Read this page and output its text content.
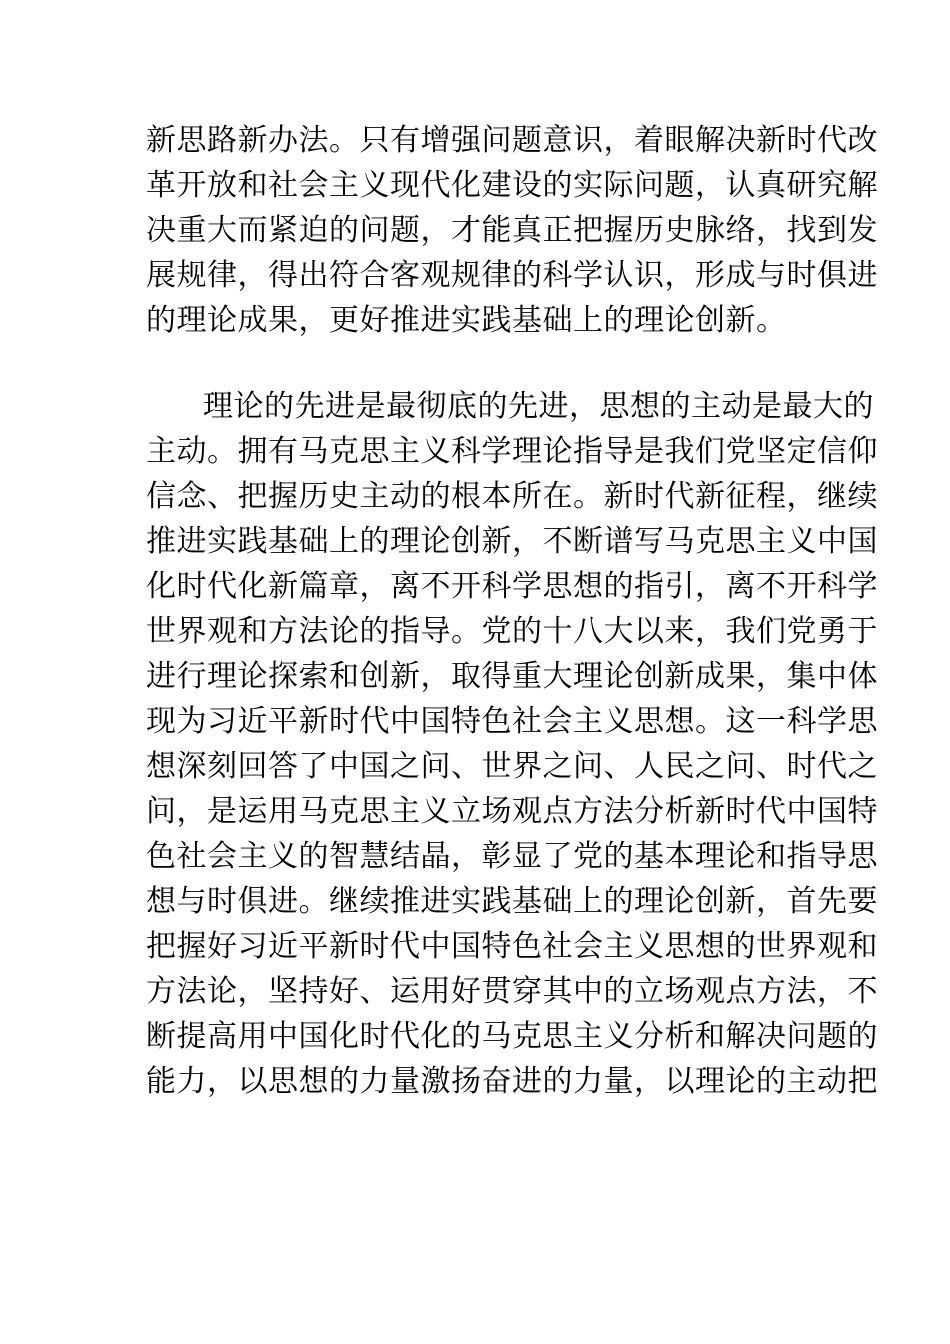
新思路新办法。只有增强问题意识，着眼解决新时代改
革开放和社会主义现代化建设的实际问题，认真研究解
决重大而紧迫的问题，才能真正把握历史脉络，找到发
展规律，得出符合客观规律的科学认识，形成与时俱进
的理论成果，更好推进实践基础上的理论创新。
理论的先进是最彻底的先进，思想的主动是最大的
主动。拥有马克思主义科学理论指导是我们党坚定信仰
信念、把握历史主动的根本所在。新时代新征程，继续
推进实践基础上的理论创新，不断谱写马克思主义中国
化时代化新篇章，离不开科学思想的指引，离不开科学
世界观和方法论的指导。党的十八大以来，我们党勇于
进行理论探索和创新，取得重大理论创新成果，集中体
现为习近平新时代中国特色社会主义思想。这一科学思
想深刻回答了中国之问、世界之问、人民之问、时代之
问，是运用马克思主义立场观点方法分析新时代中国特
色社会主义的智慧结晶，彰显了党的基本理论和指导思
想与时俱进。继续推进实践基础上的理论创新，首先要
把握好习近平新时代中国特色社会主义思想的世界观和
方法论，坚持好、运用好贯穿其中的立场观点方法，不
断提高用中国化时代化的马克思主义分析和解决问题的
能力，以思想的力量激扬奋进的力量，以理论的主动把
